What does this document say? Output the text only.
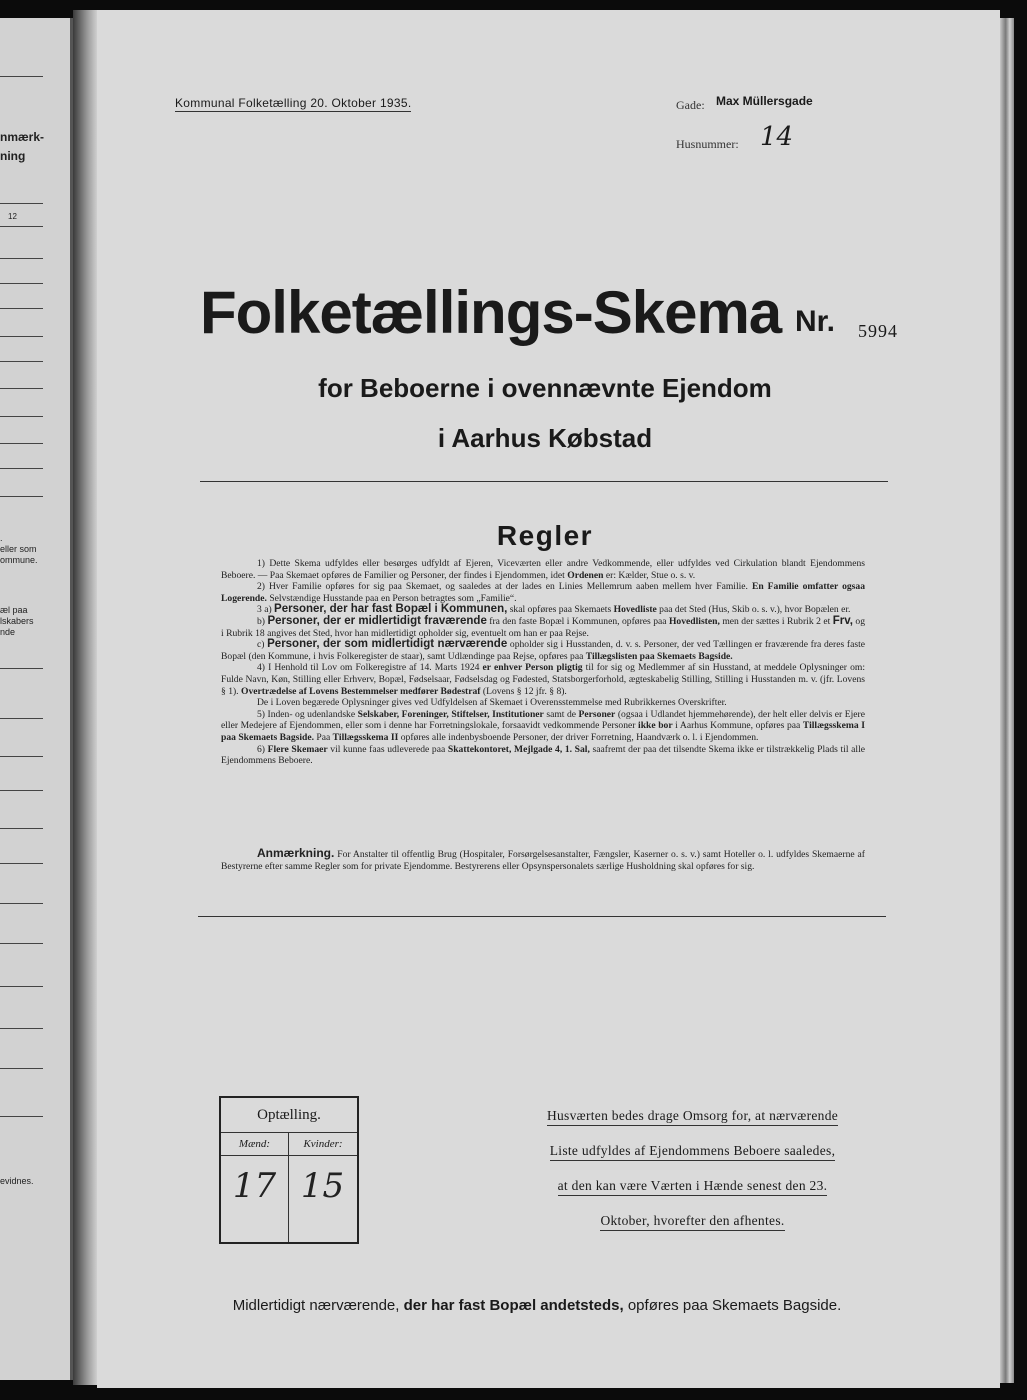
nmærk-
ning
12
.
eller som
ommune.
æl paa
lskabers
nde
evidnes.
Kommunal Folketælling 20. Oktober 1935.	Gade: Max Müllersgade
Husnummer: 14
Folketællings-Skema Nr. 5994
for Beboerne i ovennævnte Ejendom
i Aarhus Købstad
Regler

1) Dette Skema udfyldes eller besørges udfyldt af Ejeren, Viceværten eller andre Vedkommende, eller udfyldes ved Cirkulation blandt Ejendommens Beboere. — Paa Skemaet opføres de Familier og Personer, der findes i Ejendommen, idet Ordenen er: Kælder, Stue o. s. v.

2) Hver Familie opføres for sig paa Skemaet, og saaledes at der lades en Linies Mellemrum aaben mellem hver Familie. En Familie omfatter ogsaa Logerende. Selvstændige Husstande paa en Person betragtes som „Familie“.

3 a) Personer, der har fast Bopæl i Kommunen, skal opføres paa Skemaets Hovedliste paa det Sted (Hus, Skib o. s. v.), hvor Bopælen er.

b) Personer, der er midlertidigt fraværende fra den faste Bopæl i Kommunen, opføres paa Hovedlisten, men der sættes i Rubrik 2 et Frv, og i Rubrik 18 angives det Sted, hvor han midlertidigt opholder sig, eventuelt om han er paa Rejse.

c) Personer, der som midlertidigt nærværende opholder sig i Husstanden, d. v. s. Personer, der ved Tællingen er fraværende fra deres faste Bopæl (den Kommune, i hvis Folkeregister de staar), samt Udlændinge paa Rejse, opføres paa Tillægslisten paa Skemaets Bagside.

4) I Henhold til Lov om Folkeregistre af 14. Marts 1924 er enhver Person pligtig til for sig og Medlemmer af sin Husstand, at meddele Oplysninger om: Fulde Navn, Køn, Stilling eller Erhverv, Bopæl, Fødselsaar, Fødselsdag og Fødested, Statsborgerforhold, ægteskabelig Stilling, Stilling i Husstanden m. v. (jfr. Lovens § 1). Overtrædelse af Lovens Bestemmelser medfører Bødestraf (Lovens § 12 jfr. § 8).

De i Loven begærede Oplysninger gives ved Udfyldelsen af Skemaet i Overensstemmelse med Rubrikkernes Overskrifter.

5) Inden- og udenlandske Selskaber, Foreninger, Stiftelser, Institutioner samt de Personer (ogsaa i Udlandet hjemmehørende), der helt eller delvis er Ejere eller Medejere af Ejendommen, eller som i denne har Forretningslokale, forsaavidt vedkommende Personer ikke bor i Aarhus Kommune, opføres paa Tillægsskema I paa Skemaets Bagside. Paa Tillægsskema II opføres alle indenbysboende Personer, der driver Forretning, Haandværk o. l. i Ejendommen.

6) Flere Skemaer vil kunne faas udleverede paa Skattekontoret, Mejlgade 4, 1. Sal, saafremt der paa det tilsendte Skema ikke er tilstrækkelig Plads til alle Ejendommens Beboere.

Anmærkning. For Anstalter til offentlig Brug (Hospitaler, Forsørgelsesanstalter, Fængsler, Kaserner o. s. v.) samt Hoteller o. l. udfyldes Skemaerne af Bestyrerne efter samme Regler som for private Ejendomme. Bestyrerens eller Opsynspersonalets særlige Husholdning skal opføres for sig.

Optælling.
Mænd:	Kvinder:
17 15
Husværten bedes drage Omsorg for, at nærværende
Liste udfyldes af Ejendommens Beboere saaledes,
at den kan være Værten i Hænde senest den 23.
Oktober, hvorefter den afhentes.
Midlertidigt nærværende, der har fast Bopæl andetsteds, opføres paa Skemaets Bagside.
